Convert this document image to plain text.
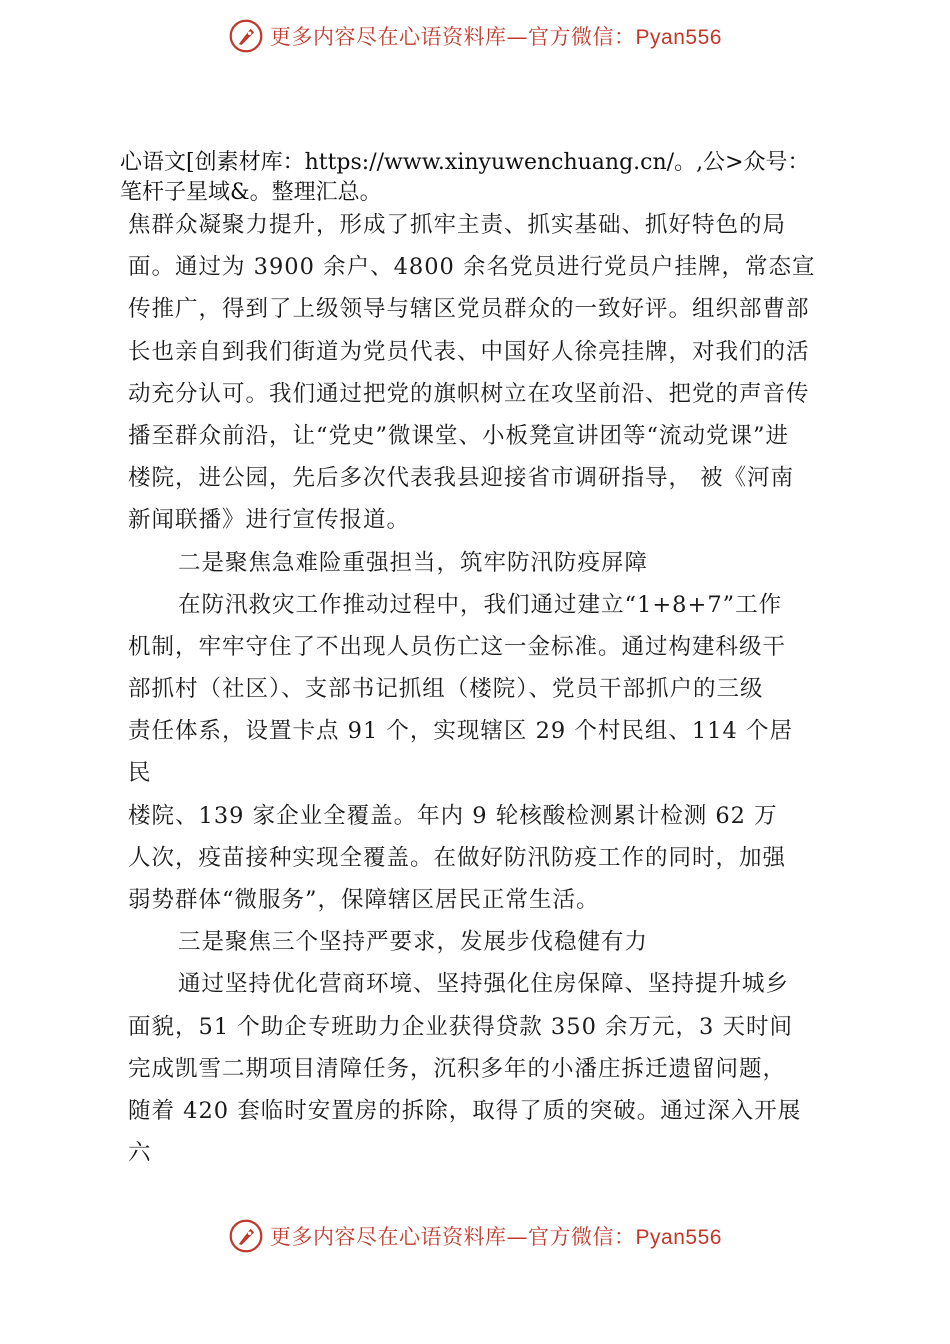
更多内容尽在心语资料库—官方微信：Pyan556
心语文[创素材库：https://www.xinyuwenchuang.cn/。,公>众号：
笔杆子星域&。整理汇总。
焦群众凝聚力提升，形成了抓牢主责、抓实基础、抓好特色的局
面。通过为 3900 余户、4800 余名党员进行党员户挂牌，常态宣
传推广，得到了上级领导与辖区党员群众的一致好评。组织部曹部
长也亲自到我们街道为党员代表、中国好人徐亮挂牌，对我们的活
动充分认可。我们通过把党的旗帜树立在攻坚前沿、把党的声音传
播至群众前沿，让“党史”微课堂、小板凳宣讲团等“流动党课”进
楼院，进公园，先后多次代表我县迎接省市调研指导， 被《河南
新闻联播》进行宣传报道。
二是聚焦急难险重强担当，筑牢防汛防疫屏障
在防汛救灾工作推动过程中，我们通过建立“1+8+7”工作
机制，牢牢守住了不出现人员伤亡这一金标准。通过构建科级干
部抓村（社区）、支部书记抓组（楼院）、党员干部抓户的三级
责任体系，设置卡点 91 个，实现辖区 29 个村民组、114 个居
民
楼院、139 家企业全覆盖。年内 9 轮核酸检测累计检测 62 万
人次，疫苗接种实现全覆盖。在做好防汛防疫工作的同时，加强
弱势群体“微服务”，保障辖区居民正常生活。
三是聚焦三个坚持严要求，发展步伐稳健有力
通过坚持优化营商环境、坚持强化住房保障、坚持提升城乡
面貌，51 个助企专班助力企业获得贷款 350 余万元，3 天时间
完成凯雪二期项目清障任务，沉积多年的小潘庄拆迁遗留问题，
随着 420 套临时安置房的拆除，取得了质的突破。通过深入开展
六
更多内容尽在心语资料库—官方微信：Pyan556
